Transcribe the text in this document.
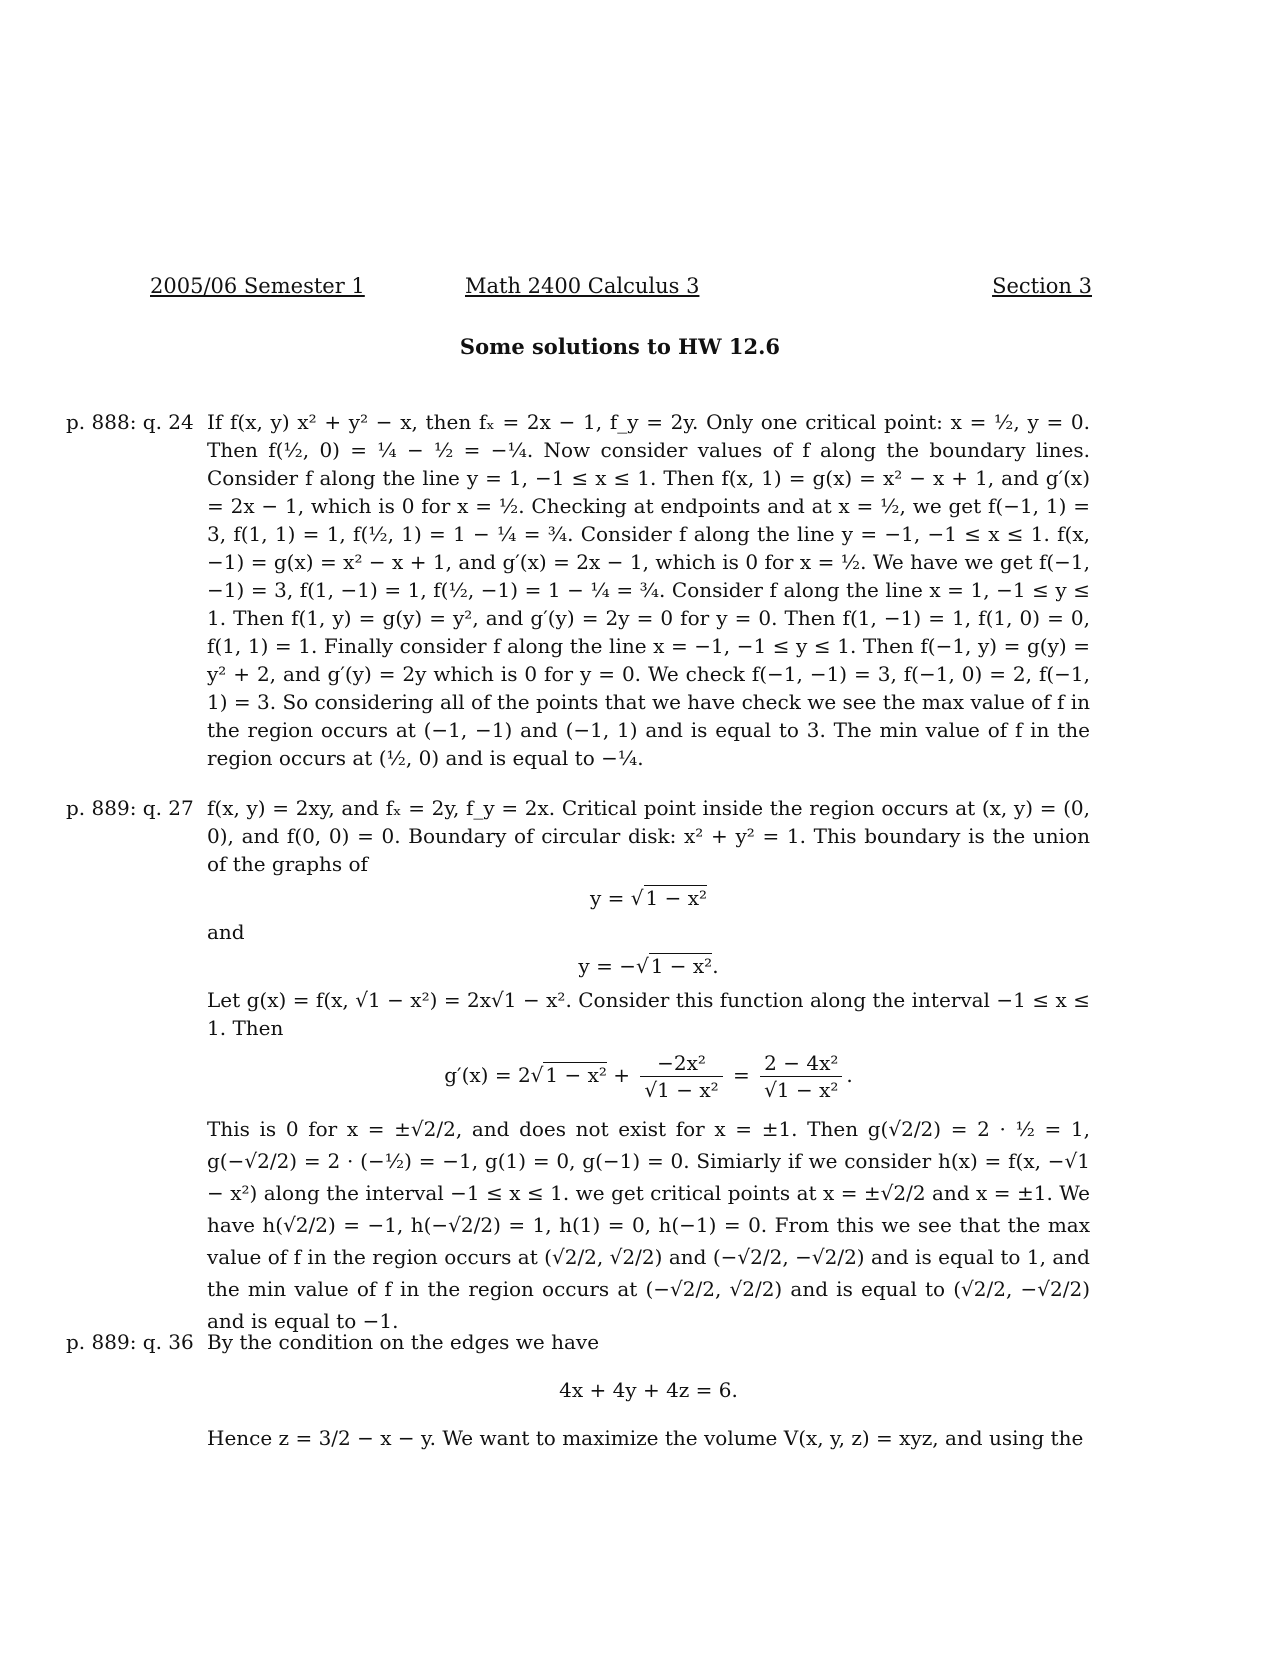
2005/06 Semester 1	Math 2400 Calculus 3	Section 3
Some solutions to HW 12.6
p. 888: q. 24 If f(x, y) x² + y² − x, then fₓ = 2x − 1, f_y = 2y. Only one critical point: x = ½, y = 0. Then f(½, 0) = ¼ − ½ = −¼. Now consider values of f along the boundary lines. Consider f along the line y = 1, −1 ≤ x ≤ 1. Then f(x, 1) = g(x) = x² − x + 1, and g′(x) = 2x − 1, which is 0 for x = ½. Checking at endpoints and at x = ½, we get f(−1, 1) = 3, f(1, 1) = 1, f(½, 1) = 1 − ¼ = ¾. Consider f along the line y = −1, −1 ≤ x ≤ 1. f(x, −1) = g(x) = x² − x + 1, and g′(x) = 2x − 1, which is 0 for x = ½. We have we get f(−1, −1) = 3, f(1, −1) = 1, f(½, −1) = 1 − ¼ = ¾. Consider f along the line x = 1, −1 ≤ y ≤ 1. Then f(1, y) = g(y) = y², and g′(y) = 2y = 0 for y = 0. Then f(1, −1) = 1, f(1, 0) = 0, f(1, 1) = 1. Finally consider f along the line x = −1, −1 ≤ y ≤ 1. Then f(−1, y) = g(y) = y² + 2, and g′(y) = 2y which is 0 for y = 0. We check f(−1, −1) = 3, f(−1, 0) = 2, f(−1, 1) = 3. So considering all of the points that we have check we see the max value of f in the region occurs at (−1, −1) and (−1, 1) and is equal to 3. The min value of f in the region occurs at (½, 0) and is equal to −¼.

p. 889: q. 27 f(x, y) = 2xy, and fₓ = 2y, f_y = 2x. Critical point inside the region occurs at (x, y) = (0, 0), and f(0, 0) = 0. Boundary of circular disk: x² + y² = 1. This boundary is the union of the graphs of

y = √ 1 − x²

and

y = −√ 1 − x².

Let g(x) = f(x, √1 − x²) = 2x√1 − x². Consider this function along the interval −1 ≤ x ≤ 1. Then

g′(x) = 2√ $1 - x^2 + \frac{\text{−2x²}}{\text{√1 − x²}} = \frac{\text{2 − 4x²}}{\text{√1 − x²}}$ .

This is 0 for x = ±√2/2, and does not exist for x = ±1. Then g(√2/2) = 2 · ½ = 1, g(−√2/2) = 2 · (−½) = −1, g(1) = 0, g(−1) = 0. Simiarly if we consider h(x) = f(x, −√1 − x²) along the interval −1 ≤ x ≤ 1. we get critical points at x = ±√2/2 and x = ±1. We have h(√2/2) = −1, h(−√2/2) = 1, h(1) = 0, h(−1) = 0. From this we see that the max value of f in the region occurs at (√2/2, √2/2) and (−√2/2, −√2/2) and is equal to 1, and the min value of f in the region occurs at (−√2/2, √2/2) and is equal to (√2/2, −√2/2) and is equal to −1.

p. 889: q. 36 By the condition on the edges we have

4x + 4y + 4z = 6.

Hence z = 3/2 − x − y. We want to maximize the volume V(x, y, z) = xyz, and using the
